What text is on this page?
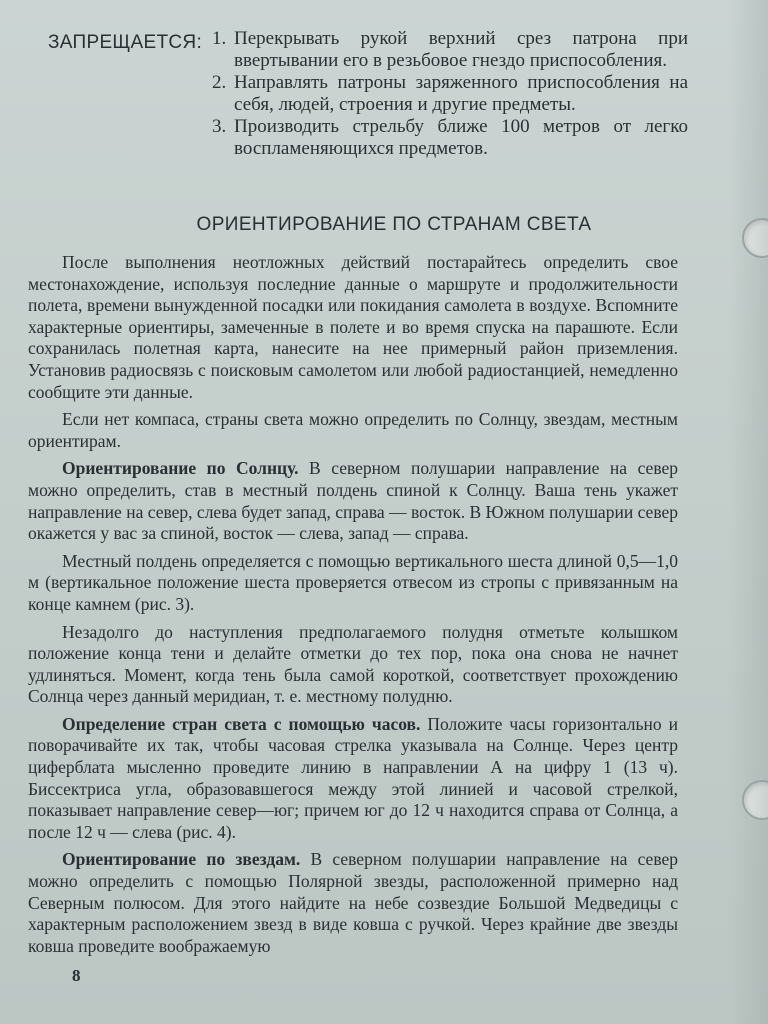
ЗАПРЕЩАЕТСЯ: 1. Перекрывать рукой верхний срез патрона при ввертывании его в резьбовое гнездо приспособления.
2. Направлять патроны заряженного приспособления на себя, людей, строения и другие предметы.
3. Производить стрельбу ближе 100 метров от легко воспламеняющихся предметов.
ОРИЕНТИРОВАНИЕ ПО СТРАНАМ СВЕТА

После выполнения неотложных действий постарайтесь определить свое местонахождение, используя последние данные о маршруте и продолжительности полета, времени вынужденной посадки или покидания самолета в воздухе. Вспомните характерные ориентиры, замеченные в полете и во время спуска на парашюте. Если сохранилась полетная карта, нанесите на нее примерный район приземления. Установив радиосвязь с поисковым самолетом или любой радиостанцией, немедленно сообщите эти данные.

Если нет компаса, страны света можно определить по Солнцу, звездам, местным ориентирам.

Ориентирование по Солнцу. В северном полушарии направление на север можно определить, став в местный полдень спиной к Солнцу. Ваша тень укажет направление на север, слева будет запад, справа — восток. В Южном полушарии север окажется у вас за спиной, восток — слева, запад — справа.

Местный полдень определяется с помощью вертикального шеста длиной 0,5—1,0 м (вертикальное положение шеста проверяется отвесом из стропы с привязанным на конце камнем (рис. 3).

Незадолго до наступления предполагаемого полудня отметьте колышком положение конца тени и делайте отметки до тех пор, пока она снова не начнет удлиняться. Момент, когда тень была самой короткой, соответствует прохождению Солнца через данный меридиан, т. е. местному полудню.

Определение стран света с помощью часов. Положите часы горизонтально и поворачивайте их так, чтобы часовая стрелка указывала на Солнце. Через центр циферблата мысленно проведите линию в направлении А на цифру 1 (13 ч). Биссектриса угла, образовавшегося между этой линией и часовой стрелкой, показывает направление север—юг; причем юг до 12 ч находится справа от Солнца, а после 12 ч — слева (рис. 4).

Ориентирование по звездам. В северном полушарии направление на север можно определить с помощью Полярной звезды, расположенной примерно над Северным полюсом. Для этого найдите на небе созвездие Большой Медведицы с характерным расположением звезд в виде ковша с ручкой. Через крайние две звезды ковша проведите воображаемую

8
